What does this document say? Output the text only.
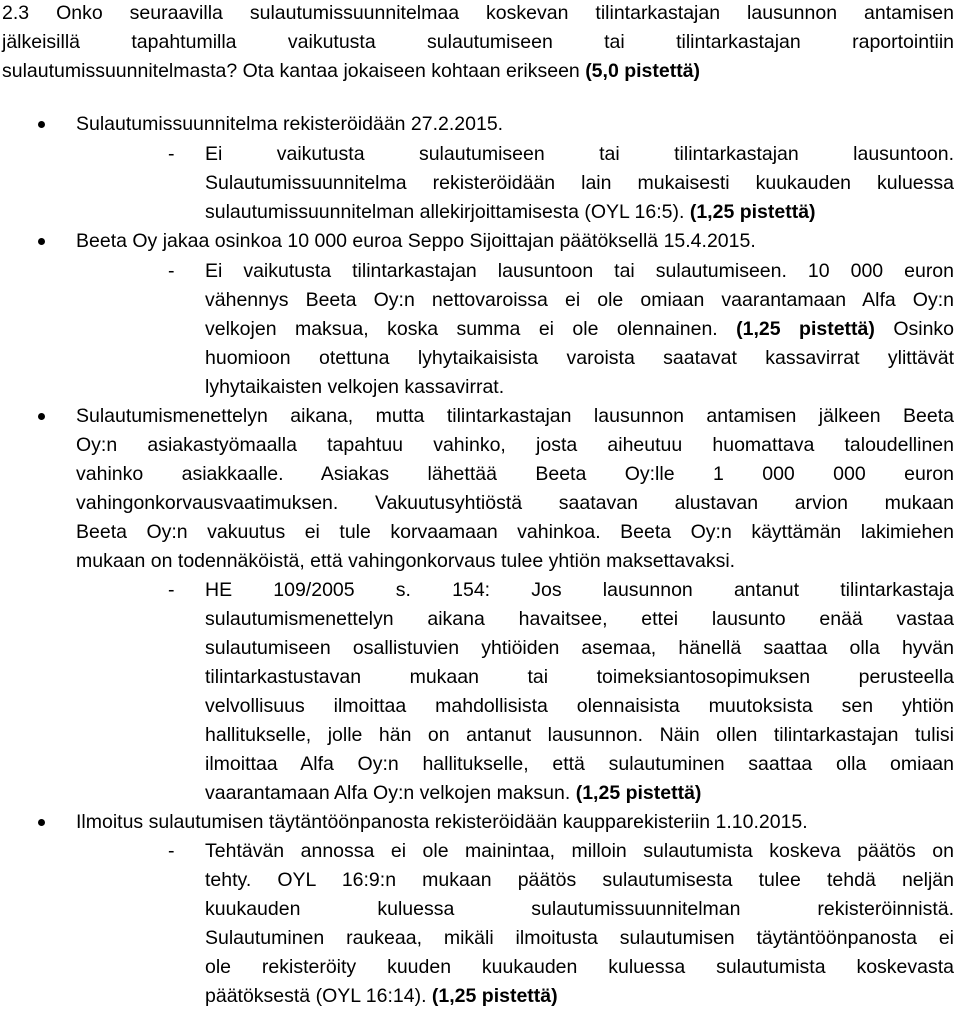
2.3 Onko seuraavilla sulautumissuunnitelmaa koskevan tilintarkastajan lausunnon antamisen
jälkeisillä tapahtumilla vaikutusta sulautumiseen tai tilintarkastajan raportointiin
sulautumissuunnitelmasta? Ota kantaa jokaiseen kohtaan erikseen (5,0 pistettä)
Sulautumissuunnitelma rekisteröidään 27.2.2015.
- Ei vaikutusta sulautumiseen tai tilintarkastajan lausuntoon.
Sulautumissuunnitelma rekisteröidään lain mukaisesti kuukauden kuluessa
sulautumissuunnitelman allekirjoittamisesta (OYL 16:5). (1,25 pistettä)
Beeta Oy jakaa osinkoa 10 000 euroa Seppo Sijoittajan päätöksellä 15.4.2015.
- Ei vaikutusta tilintarkastajan lausuntoon tai sulautumiseen. 10 000 euron
vähennys Beeta Oy:n nettovaroissa ei ole omiaan vaarantamaan Alfa Oy:n
velkojen maksua, koska summa ei ole olennainen. (1,25 pistettä) Osinko
huomioon otettuna lyhytaikaisista varoista saatavat kassavirrat ylittävät
lyhytaikaisten velkojen kassavirrat.
Sulautumismenettelyn aikana, mutta tilintarkastajan lausunnon antamisen jälkeen Beeta
Oy:n asiakastyömaalla tapahtuu vahinko, josta aiheutuu huomattava taloudellinen
vahinko asiakkaalle. Asiakas lähettää Beeta Oy:lle 1 000 000 euron
vahingonkorvausvaatimuksen. Vakuutusyhtiöstä saatavan alustavan arvion mukaan
Beeta Oy:n vakuutus ei tule korvaamaan vahinkoa. Beeta Oy:n käyttämän lakimiehen
mukaan on todennäköistä, että vahingonkorvaus tulee yhtiön maksettavaksi.
- HE 109/2005 s. 154: Jos lausunnon antanut tilintarkastaja
sulautumismenettelyn aikana havaitsee, ettei lausunto enää vastaa
sulautumiseen osallistuvien yhtiöiden asemaa, hänellä saattaa olla hyvän
tilintarkastustavan mukaan tai toimeksiantosopimuksen perusteella
velvollisuus ilmoittaa mahdollisista olennaisista muutoksista sen yhtiön
hallitukselle, jolle hän on antanut lausunnon. Näin ollen tilintarkastajan tulisi
ilmoittaa Alfa Oy:n hallitukselle, että sulautuminen saattaa olla omiaan
vaarantamaan Alfa Oy:n velkojen maksun. (1,25 pistettä)
Ilmoitus sulautumisen täytäntöönpanosta rekisteröidään kaupparekisteriin 1.10.2015.
- Tehtävän annossa ei ole mainintaa, milloin sulautumista koskeva päätös on
tehty. OYL 16:9:n mukaan päätös sulautumisesta tulee tehdä neljän
kuukauden kuluessa sulautumissuunnitelman rekisteröinnistä.
Sulautuminen raukeaa, mikäli ilmoitusta sulautumisen täytäntöönpanosta ei
ole rekisteröity kuuden kuukauden kuluessa sulautumista koskevasta
päätöksestä (OYL 16:14). (1,25 pistettä)
